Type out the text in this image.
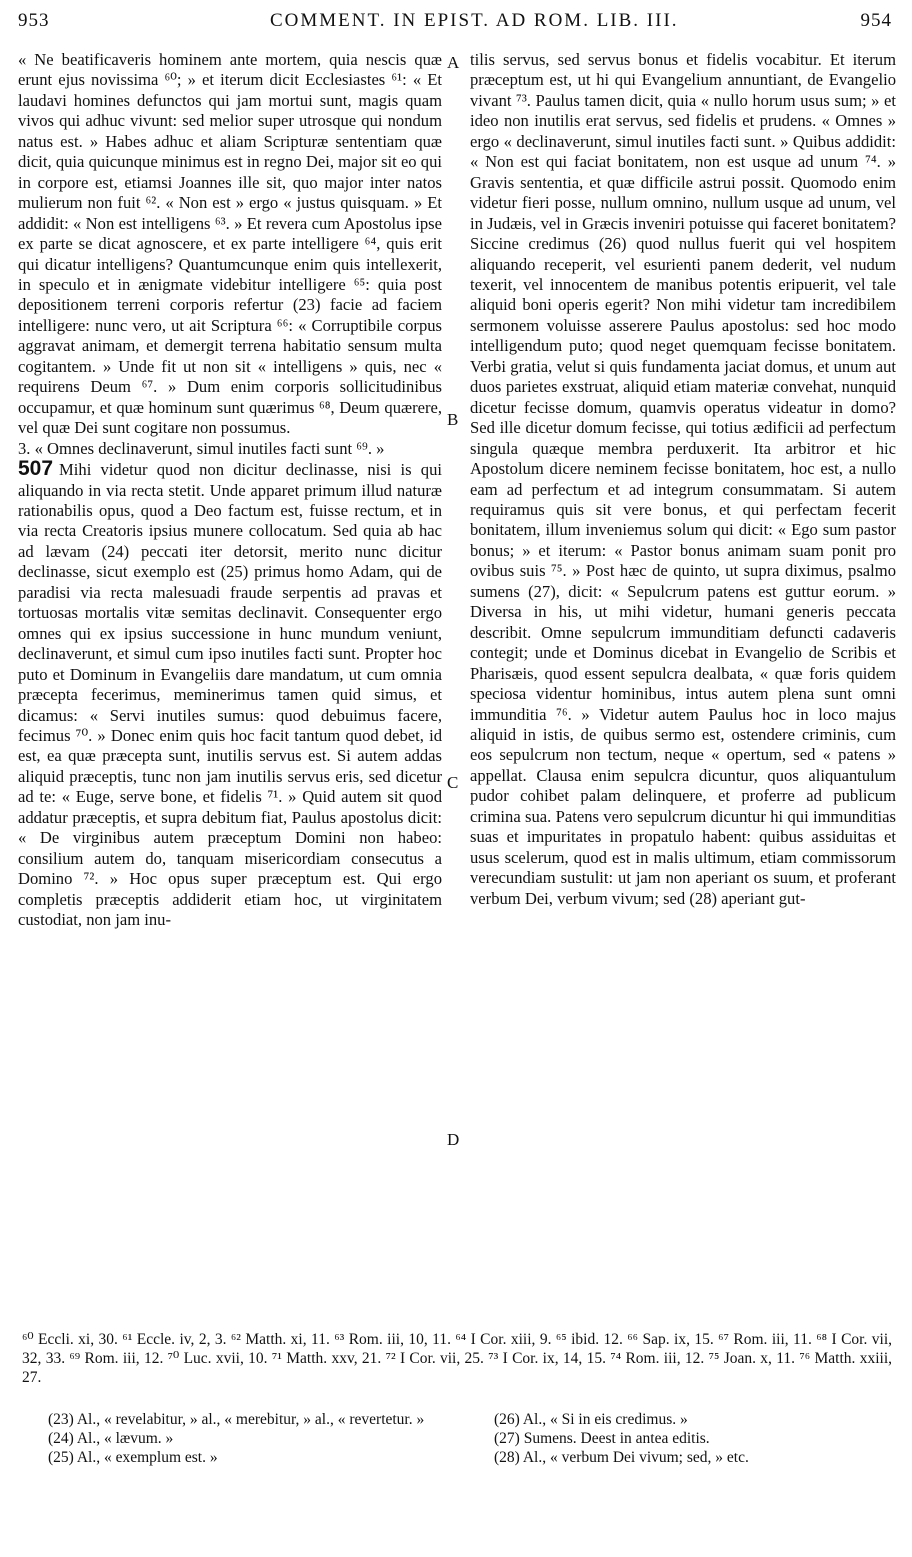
953	COMMENT. IN EPIST. AD ROM. LIB. III.	954
A
B
C
D

« Ne beatificaveris hominem ante mortem, quia nescis quæ erunt ejus novissima ⁶⁰; » et iterum dicit Ecclesiastes ⁶¹: « Et laudavi homines defunctos qui jam mortui sunt, magis quam vivos qui adhuc vivunt: sed melior super utrosque qui nondum natus est. » Habes adhuc et aliam Scripturæ sententiam quæ dicit, quia quicunque minimus est in regno Dei, major sit eo qui in corpore est, etiamsi Joannes ille sit, quo major inter natos mulierum non fuit ⁶². « Non est » ergo « justus quisquam. » Et addidit: « Non est intelligens ⁶³. » Et revera cum Apostolus ipse ex parte se dicat agnoscere, et ex parte intelligere ⁶⁴, quis erit qui dicatur intelligens? Quantumcunque enim quis intellexerit, in speculo et in ænigmate videbitur intelligere ⁶⁵: quia post depositionem terreni corporis refertur (23) facie ad faciem intelligere: nunc vero, ut ait Scriptura ⁶⁶: « Corruptibile corpus aggravat animam, et demergit terrena habitatio sensum multa cogitantem. » Unde fit ut non sit « intelligens » quis, nec « requirens Deum ⁶⁷. » Dum enim corporis sollicitudinibus occupamur, et quæ hominum sunt quærimus ⁶⁸, Deum quærere, vel quæ Dei sunt cogitare non possumus.

3. « Omnes declinaverunt, simul inutiles facti sunt ⁶⁹. »

507 Mihi videtur quod non dicitur declinasse, nisi is qui aliquando in via recta stetit. Unde apparet primum illud naturæ rationabilis opus, quod a Deo factum est, fuisse rectum, et in via recta Creatoris ipsius munere collocatum. Sed quia ab hac ad lævam (24) peccati iter detorsit, merito nunc dicitur declinasse, sicut exemplo est (25) primus homo Adam, qui de paradisi via recta malesuadi fraude serpentis ad pravas et tortuosas mortalis vitæ semitas declinavit. Consequenter ergo omnes qui ex ipsius successione in hunc mundum veniunt, declinaverunt, et simul cum ipso inutiles facti sunt. Propter hoc puto et Dominum in Evangeliis dare mandatum, ut cum omnia præcepta fecerimus, meminerimus tamen quid simus, et dicamus: « Servi inutiles sumus: quod debuimus facere, fecimus ⁷⁰. » Donec enim quis hoc facit tantum quod debet, id est, ea quæ præcepta sunt, inutilis servus est. Si autem addas aliquid præceptis, tunc non jam inutilis servus eris, sed dicetur ad te: « Euge, serve bone, et fidelis ⁷¹. » Quid autem sit quod addatur præceptis, et supra debitum fiat, Paulus apostolus dicit: « De virginibus autem præceptum Domini non habeo: consilium autem do, tanquam misericordiam consecutus a Domino ⁷². » Hoc opus super præceptum est. Qui ergo completis præceptis addiderit etiam hoc, ut virginitatem custodiat, non jam inu-

tilis servus, sed servus bonus et fidelis vocabitur. Et iterum præceptum est, ut hi qui Evangelium annuntiant, de Evangelio vivant ⁷³. Paulus tamen dicit, quia « nullo horum usus sum; » et ideo non inutilis erat servus, sed fidelis et prudens. « Omnes » ergo « declinaverunt, simul inutiles facti sunt. » Quibus addidit: « Non est qui faciat bonitatem, non est usque ad unum ⁷⁴. » Gravis sententia, et quæ difficile astrui possit. Quomodo enim videtur fieri posse, nullum omnino, nullum usque ad unum, vel in Judæis, vel in Græcis inveniri potuisse qui faceret bonitatem? Siccine credimus (26) quod nullus fuerit qui vel hospitem aliquando receperit, vel esurienti panem dederit, vel nudum texerit, vel innocentem de manibus potentis eripuerit, vel tale aliquid boni operis egerit? Non mihi videtur tam incredibilem sermonem voluisse asserere Paulus apostolus: sed hoc modo intelligendum puto; quod neget quemquam fecisse bonitatem. Verbi gratia, velut si quis fundamenta jaciat domus, et unum aut duos parietes exstruat, aliquid etiam materiæ convehat, nunquid dicetur fecisse domum, quamvis operatus videatur in domo? Sed ille dicetur domum fecisse, qui totius ædificii ad perfectum singula quæque membra perduxerit. Ita arbitror et hic Apostolum dicere neminem fecisse bonitatem, hoc est, a nullo eam ad perfectum et ad integrum consummatam. Si autem requiramus quis sit vere bonus, et qui perfectam fecerit bonitatem, illum inveniemus solum qui dicit: « Ego sum pastor bonus; » et iterum: « Pastor bonus animam suam ponit pro ovibus suis ⁷⁵. » Post hæc de quinto, ut supra diximus, psalmo sumens (27), dicit: « Sepulcrum patens est guttur eorum. » Diversa in his, ut mihi videtur, humani generis peccata describit. Omne sepulcrum immunditiam defuncti cadaveris contegit; unde et Dominus dicebat in Evangelio de Scribis et Pharisæis, quod essent sepulcra dealbata, « quæ foris quidem speciosa videntur hominibus, intus autem plena sunt omni immunditia ⁷⁶. » Videtur autem Paulus hoc in loco majus aliquid in istis, de quibus sermo est, ostendere criminis, cum eos sepulcrum non tectum, neque « opertum, sed « patens » appellat. Clausa enim sepulcra dicuntur, quos aliquantulum pudor cohibet palam delinquere, et proferre ad publicum crimina sua. Patens vero sepulcrum dicuntur hi qui immunditias suas et impuritates in propatulo habent: quibus assiduitas et usus scelerum, quod est in malis ultimum, etiam commissorum verecundiam sustulit: ut jam non aperiant os suum, et proferant verbum Dei, verbum vivum; sed (28) aperiant gut-

⁶⁰ Eccli. xi, 30. ⁶¹ Eccle. iv, 2, 3. ⁶² Matth. xi, 11. ⁶³ Rom. iii, 10, 11. ⁶⁴ I Cor. xiii, 9. ⁶⁵ ibid. 12. ⁶⁶ Sap. ix, 15. ⁶⁷ Rom. iii, 11. ⁶⁸ I Cor. vii, 32, 33. ⁶⁹ Rom. iii, 12. ⁷⁰ Luc. xvii, 10. ⁷¹ Matth. xxv, 21. ⁷² I Cor. vii, 25. ⁷³ I Cor. ix, 14, 15. ⁷⁴ Rom. iii, 12. ⁷⁵ Joan. x, 11. ⁷⁶ Matth. xxiii, 27.

(23) Al., « revelabitur, » al., « merebitur, » al., « revertetur. »
(24) Al., « lævum. »
(25) Al., « exemplum est. »
(26) Al., « Si in eis credimus. »
(27) Sumens. Deest in antea editis.
(28) Al., « verbum Dei vivum; sed, » etc.
